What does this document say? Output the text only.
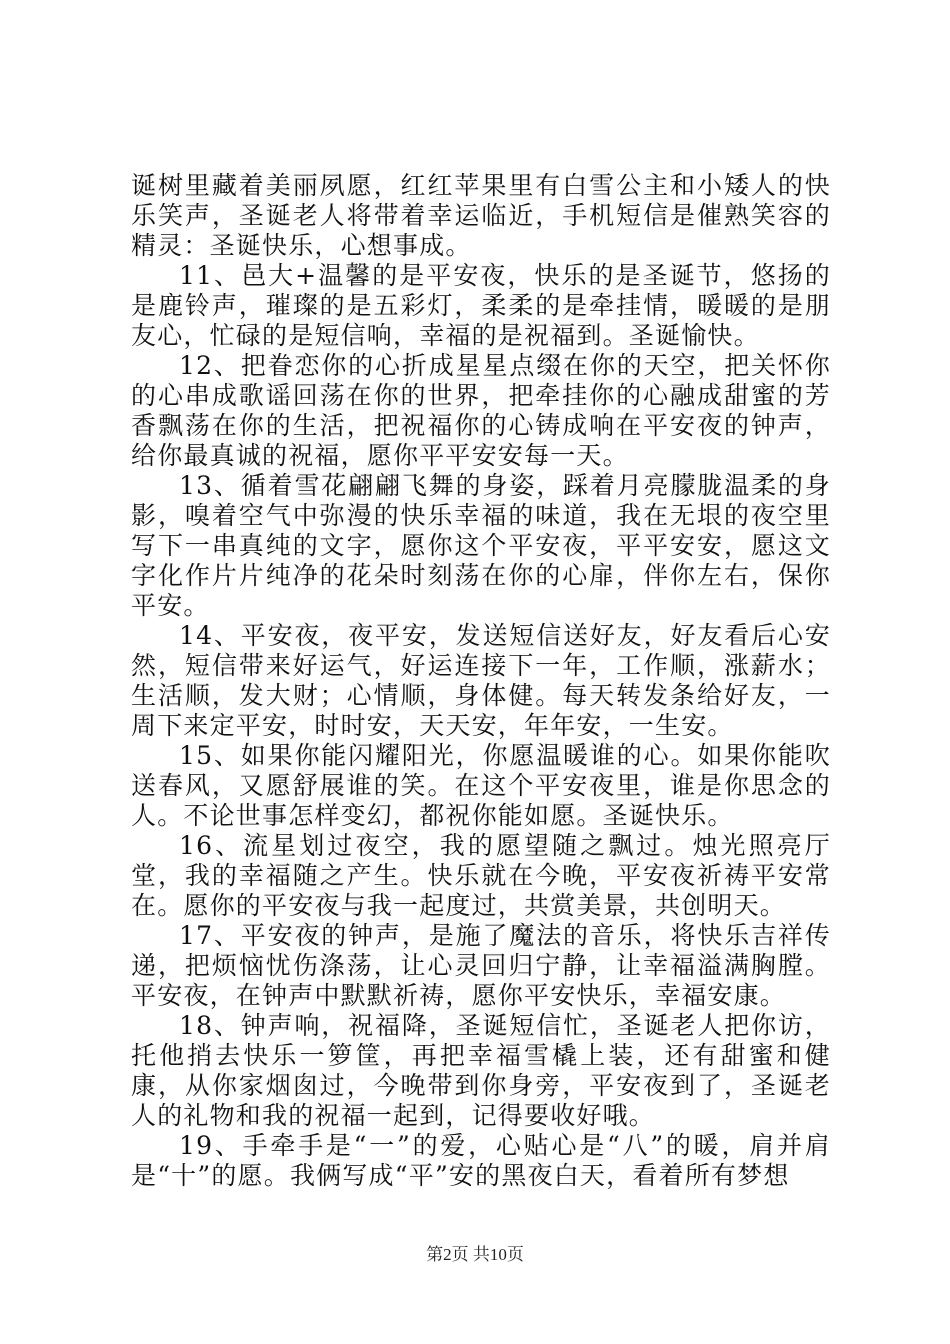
诞树里藏着美丽夙愿，红红苹果里有白雪公主和小矮人的快乐笑声，圣诞老人将带着幸运临近，手机短信是催熟笑容的精灵：圣诞快乐，心想事成。

11、邑大+温馨的是平安夜，快乐的是圣诞节，悠扬的是鹿铃声，璀璨的是五彩灯，柔柔的是牵挂情，暖暖的是朋友心，忙碌的是短信响，幸福的是祝福到。圣诞愉快。

12、把眷恋你的心折成星星点缀在你的天空，把关怀你的心串成歌谣回荡在你的世界，把牵挂你的心融成甜蜜的芳香飘荡在你的生活，把祝福你的心铸成响在平安夜的钟声，给你最真诚的祝福，愿你平平安安每一天。

13、循着雪花翩翩飞舞的身姿，踩着月亮朦胧温柔的身影，嗅着空气中弥漫的快乐幸福的味道，我在无垠的夜空里写下一串真纯的文字，愿你这个平安夜，平平安安，愿这文字化作片片纯净的花朵时刻荡在你的心扉，伴你左右，保你平安。

14、平安夜，夜平安，发送短信送好友，好友看后心安然，短信带来好运气，好运连接下一年，工作顺，涨薪水；生活顺，发大财；心情顺，身体健。每天转发条给好友，一周下来定平安，时时安，天天安，年年安，一生安。

15、如果你能闪耀阳光，你愿温暖谁的心。如果你能吹送春风，又愿舒展谁的笑。在这个平安夜里，谁是你思念的人。不论世事怎样变幻，都祝你能如愿。圣诞快乐。

16、流星划过夜空，我的愿望随之飘过。烛光照亮厅堂，我的幸福随之产生。快乐就在今晚，平安夜祈祷平安常在。愿你的平安夜与我一起度过，共赏美景，共创明天。

17、平安夜的钟声，是施了魔法的音乐，将快乐吉祥传递，把烦恼忧伤涤荡，让心灵回归宁静，让幸福溢满胸膛。平安夜，在钟声中默默祈祷，愿你平安快乐，幸福安康。

18、钟声响，祝福降，圣诞短信忙，圣诞老人把你访，托他捎去快乐一箩筐，再把幸福雪橇上装，还有甜蜜和健康，从你家烟囱过，今晚带到你身旁，平安夜到了，圣诞老人的礼物和我的祝福一起到，记得要收好哦。

19、手牵手是“一”的爱，心贴心是“八”的暖，肩并肩是“十”的愿。我俩写成“平”安的黑夜白天，看着所有梦想

第2页 共10页
